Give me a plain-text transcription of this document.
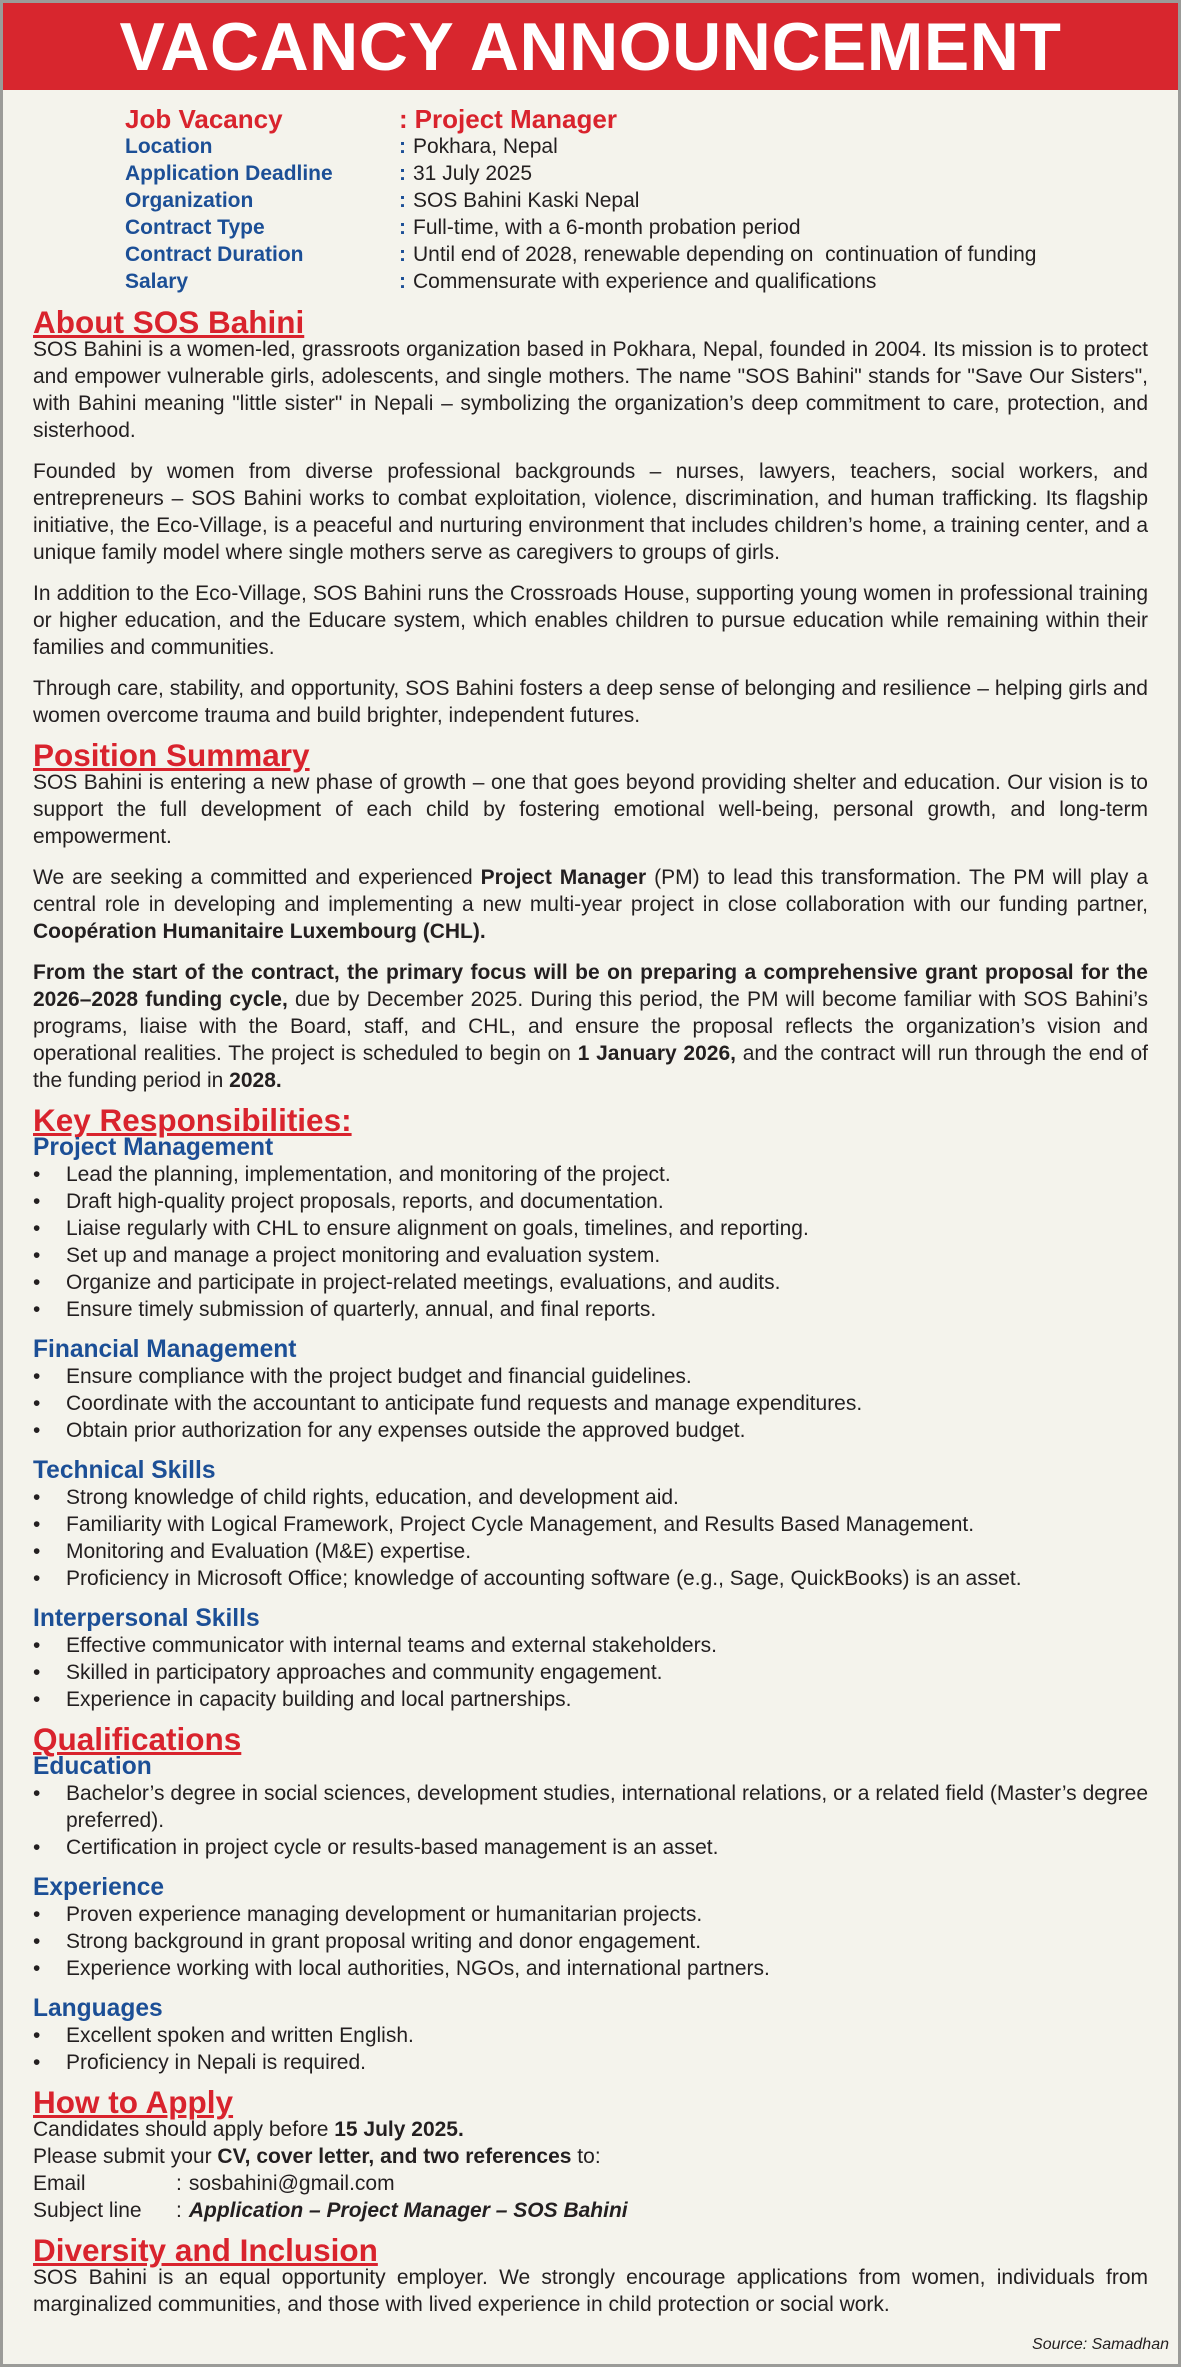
VACANCY ANNOUNCEMENT
Job Vacancy	: Project Manager
Location	: Pokhara, Nepal
Application Deadline	: 31 July 2025
Organization	: SOS Bahini Kaski Nepal
Contract Type	: Full-time, with a 6-month probation period
Contract Duration	: Until end of 2028, renewable depending on  continuation of funding
Salary	: Commensurate with experience and qualifications
About SOS Bahini

SOS Bahini is a women-led, grassroots organization based in Pokhara, Nepal, founded in 2004. Its mission is to protect and empower vulnerable girls, adolescents, and single mothers. The name "SOS Bahini" stands for "Save Our Sisters", with Bahini meaning "little sister" in Nepali – symbolizing the organization’s deep commitment to care, protection, and sisterhood.

Founded by women from diverse professional backgrounds – nurses, lawyers, teachers, social workers, and entrepreneurs – SOS Bahini works to combat exploitation, violence, discrimination, and human trafficking. Its flagship initiative, the Eco-Village, is a peaceful and nurturing environment that includes children’s home, a training center, and a unique family model where single mothers serve as caregivers to groups of girls.

In addition to the Eco-Village, SOS Bahini runs the Crossroads House, supporting young women in professional training or higher education, and the Educare system, which enables children to pursue education while remaining within their families and communities.

Through care, stability, and opportunity, SOS Bahini fosters a deep sense of belonging and resilience – helping girls and women overcome trauma and build brighter, independent futures.

Position Summary

SOS Bahini is entering a new phase of growth – one that goes beyond providing shelter and education. Our vision is to support the full development of each child by fostering emotional well-being, personal growth, and long-term empowerment.

We are seeking a committed and experienced Project Manager (PM) to lead this transformation. The PM will play a central role in developing and implementing a new multi-year project in close collaboration with our funding partner, Coopération Humanitaire Luxembourg (CHL).

From the start of the contract, the primary focus will be on preparing a comprehensive grant proposal for the 2026–2028 funding cycle, due by December 2025. During this period, the PM will become familiar with SOS Bahini’s programs, liaise with the Board, staff, and CHL, and ensure the proposal reflects the organization’s vision and operational realities. The project is scheduled to begin on 1 January 2026, and the contract will run through the end of the funding period in 2028.

Key Responsibilities:
Project Management
• Lead the planning, implementation, and monitoring of the project.
• Draft high-quality project proposals, reports, and documentation.
• Liaise regularly with CHL to ensure alignment on goals, timelines, and reporting.
• Set up and manage a project monitoring and evaluation system.
• Organize and participate in project-related meetings, evaluations, and audits.
• Ensure timely submission of quarterly, annual, and final reports.
Financial Management
• Ensure compliance with the project budget and financial guidelines.
• Coordinate with the accountant to anticipate fund requests and manage expenditures.
• Obtain prior authorization for any expenses outside the approved budget.
Technical Skills
• Strong knowledge of child rights, education, and development aid.
• Familiarity with Logical Framework, Project Cycle Management, and Results Based Management.
• Monitoring and Evaluation (M&E) expertise.
• Proficiency in Microsoft Office; knowledge of accounting software (e.g., Sage, QuickBooks) is an asset.
Interpersonal Skills
• Effective communicator with internal teams and external stakeholders.
• Skilled in participatory approaches and community engagement.
• Experience in capacity building and local partnerships.
Qualifications
Education
• Bachelor’s degree in social sciences, development studies, international relations, or a related field (Master’s degree preferred).
• Certification in project cycle or results-based management is an asset.
Experience
• Proven experience managing development or humanitarian projects.
• Strong background in grant proposal writing and donor engagement.
• Experience working with local authorities, NGOs, and international partners.
Languages
• Excellent spoken and written English.
• Proficiency in Nepali is required.
How to Apply
Candidates should apply before 15 July 2025.
Please submit your CV, cover letter, and two references to:
Email	: sosbahini@gmail.com
Subject line	: Application – Project Manager – SOS Bahini
Diversity and Inclusion

SOS Bahini is an equal opportunity employer. We strongly encourage applications from women, individuals from marginalized communities, and those with lived experience in child protection or social work.

Source: Samadhan
